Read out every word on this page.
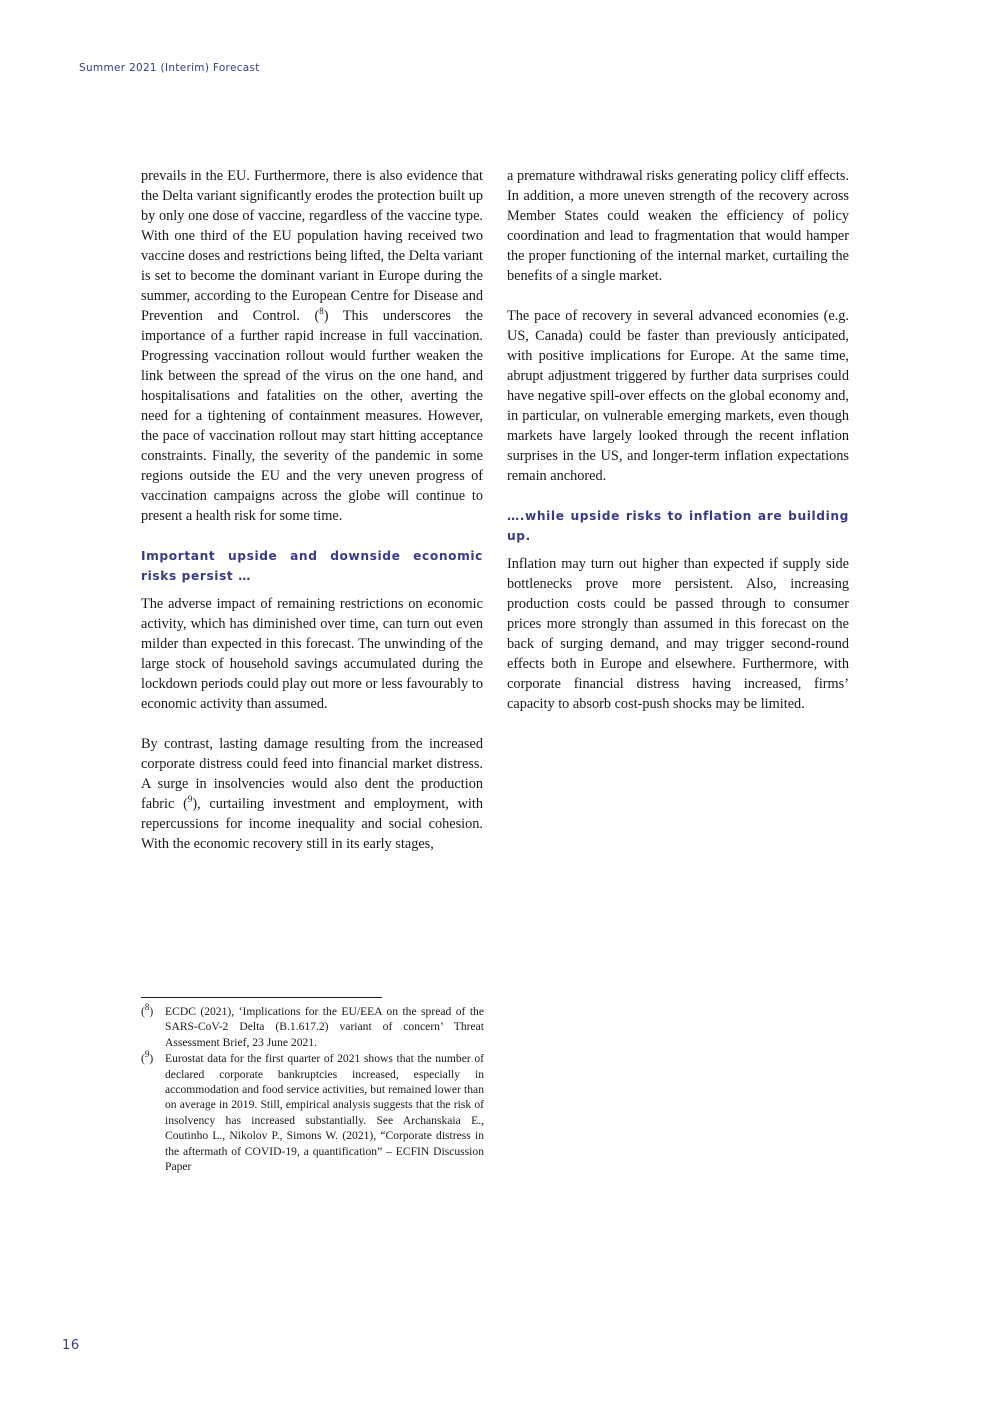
Summer 2021 (Interim) Forecast

prevails in the EU. Furthermore, there is also evidence that the Delta variant significantly erodes the protection built up by only one dose of vaccine, regardless of the vaccine type. With one third of the EU population having received two vaccine doses and restrictions being lifted, the Delta variant is set to become the dominant variant in Europe during the summer, according to the European Centre for Disease and Prevention and Control. ($^8$) This underscores the importance of a further rapid increase in full vaccination. Progressing vaccination rollout would further weaken the link between the spread of the virus on the one hand, and hospitalisations and fatalities on the other, averting the need for a tightening of containment measures. However, the pace of vaccination rollout may start hitting acceptance constraints. Finally, the severity of the pandemic in some regions outside the EU and the very uneven progress of vaccination campaigns across the globe will continue to present a health risk for some time.

Important upside and downside economic risks persist …

The adverse impact of remaining restrictions on economic activity, which has diminished over time, can turn out even milder than expected in this forecast. The unwinding of the large stock of household savings accumulated during the lockdown periods could play out more or less favourably to economic activity than assumed.

By contrast, lasting damage resulting from the increased corporate distress could feed into financial market distress. A surge in insolvencies would also dent the production fabric ($^9$), curtailing investment and employment, with repercussions for income inequality and social cohesion. With the economic recovery still in its early stages,

a premature withdrawal risks generating policy cliff effects. In addition, a more uneven strength of the recovery across Member States could weaken the efficiency of policy coordination and lead to fragmentation that would hamper the proper functioning of the internal market, curtailing the benefits of a single market.

The pace of recovery in several advanced economies (e.g. US, Canada) could be faster than previously anticipated, with positive implications for Europe. At the same time, abrupt adjustment triggered by further data surprises could have negative spill-over effects on the global economy and, in particular, on vulnerable emerging markets, even though markets have largely looked through the recent inflation surprises in the US, and longer-term inflation expectations remain anchored.

….while upside risks to inflation are building up.

Inflation may turn out higher than expected if supply side bottlenecks prove more persistent. Also, increasing production costs could be passed through to consumer prices more strongly than assumed in this forecast on the back of surging demand, and may trigger second-round effects both in Europe and elsewhere. Furthermore, with corporate financial distress having increased, firms’ capacity to absorb cost-push shocks may be limited.

($^8$)	ECDC (2021), ‘Implications for the EU/EEA on the spread of the SARS-CoV-2 Delta (B.1.617.2) variant of concern’ Threat Assessment Brief, 23 June 2021.
($^9$)	Eurostat data for the first quarter of 2021 shows that the number of declared corporate bankruptcies increased, especially in accommodation and food service activities, but remained lower than on average in 2019. Still, empirical analysis suggests that the risk of insolvency has increased substantially. See Archanskaia E., Coutinho L., Nikolov P., Simons W. (2021), “Corporate distress in the aftermath of COVID-19, a quantification” – ECFIN Discussion Paper
16
